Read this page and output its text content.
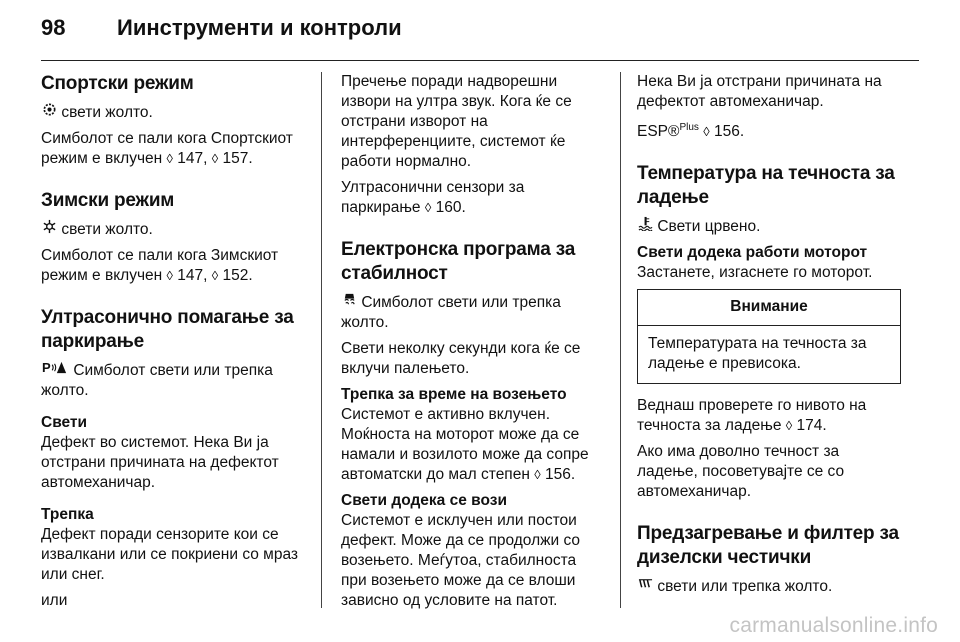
98	Иинструменти и контроли
Спортски режим

свети жолто.

Симболот се пали кога Спортскиот режим е вклучен ◊ 147, ◊ 157.

Зимски режим

свети жолто.

Симболот се пали кога Зимскиот режим е вклучен ◊ 147, ◊ 152.

Ултрасонично помагање за паркирање

P Симболот свети или трепка жолто.

Свети

Дефект во системот. Нека Ви ја отстрани причината на дефектот автомеханичар.

Трепка

Дефект поради сензорите кои се извалкани или се покриени со мраз или снег.

или

Пречење поради надворешни извори на ултра звук. Кога ќе се отстрани изворот на интерференциите, системот ќе работи нормално.

Ултрасонични сензори за паркирање ◊ 160.

Електронска програма за стабилност

Симболот свети или трепка жолто.

Свети неколку секунди кога ќе се вклучи палењето.

Трепка за време на возењето

Системот е активно вклучен. Моќноста на моторот може да се намали и возилото може да сопре автоматски до мал степен ◊ 156.

Свети додека се вози

Системот е исклучен или постои дефект. Може да се продолжи со возењето. Меѓутоа, стабилноста при возењето може да се влоши зависно од условите на патот.

Нека Ви ја отстрани причината на дефектот автомеханичар.

ESP®$^{Plus}$ ◊ 156.

Температура на течноста за ладење

Свети црвено.

Свети додека работи моторот

Застанете, изгаснете го моторот.

Внимание
Температурата на течноста за ладење е превисока.

Веднаш проверете го нивото на течноста за ладење ◊ 174.

Ако има доволно течност за ладење, посоветувајте се со автомеханичар.

Предзагревање и филтер за дизелски честички

свети или трепка жолто.

carmanualsonline.info
